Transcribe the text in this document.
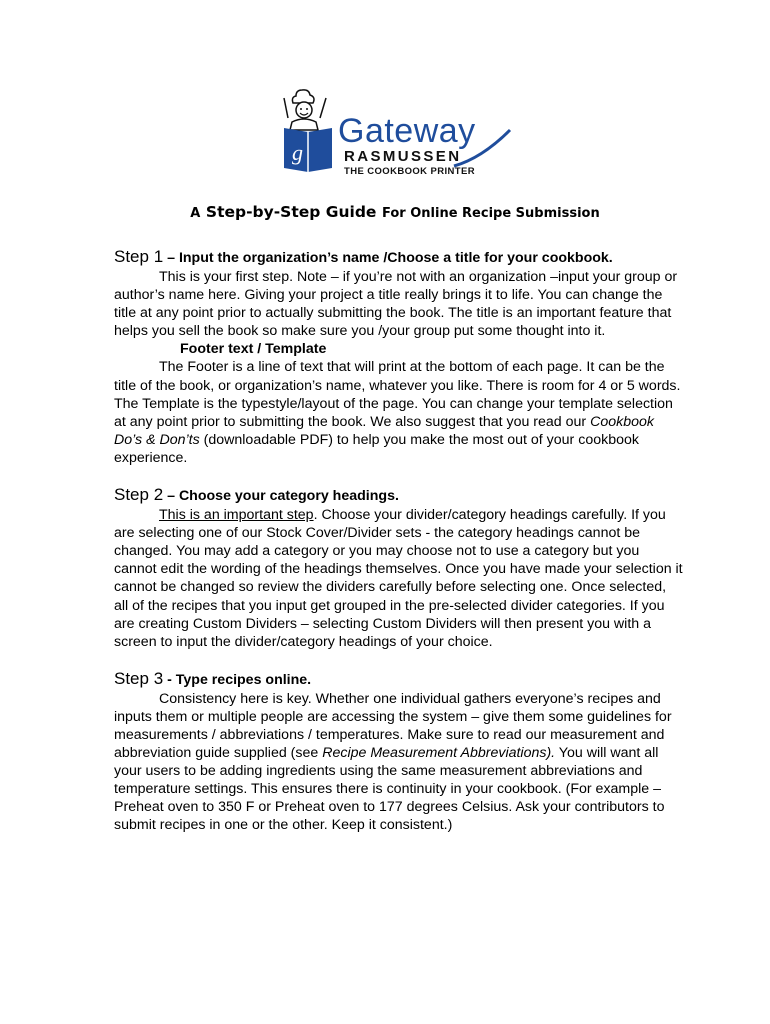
g
Gateway
RASMUSSEN
THE COOKBOOK PRINTER
A Step-by-Step Guide For Online Recipe Submission

Step 1 – Input the organization’s name /Choose a title for your cookbook.

This is your first step. Note – if you’re not with an organization –input your group or author’s name here. Giving your project a title really brings it to life. You can change the title at any point prior to actually submitting the book. The title is an important feature that helps you sell the book so make sure you /your group put some thought into it.

Footer text / Template

The Footer is a line of text that will print at the bottom of each page. It can be the title of the book, or organization’s name, whatever you like. There is room for 4 or 5 words. The Template is the typestyle/layout of the page. You can change your template selection at any point prior to submitting the book. We also suggest that you read our Cookbook Do’s & Don’ts (downloadable PDF) to help you make the most out of your cookbook experience.

Step 2 – Choose your category headings.

This is an important step. Choose your divider/category headings carefully. If you are selecting one of our Stock Cover/Divider sets - the category headings cannot be changed. You may add a category or you may choose not to use a category but you cannot edit the wording of the headings themselves. Once you have made your selection it cannot be changed so review the dividers carefully before selecting one. Once selected, all of the recipes that you input get grouped in the pre-selected divider categories. If you are creating Custom Dividers – selecting Custom Dividers will then present you with a screen to input the divider/category headings of your choice.

Step 3 - Type recipes online.

Consistency here is key. Whether one individual gathers everyone’s recipes and inputs them or multiple people are accessing the system – give them some guidelines for measurements / abbreviations / temperatures. Make sure to read our measurement and abbreviation guide supplied (see Recipe Measurement Abbreviations). You will want all your users to be adding ingredients using the same measurement abbreviations and temperature settings. This ensures there is continuity in your cookbook. (For example – Preheat oven to 350 F or Preheat oven to 177 degrees Celsius. Ask your contributors to submit recipes in one or the other. Keep it consistent.)
